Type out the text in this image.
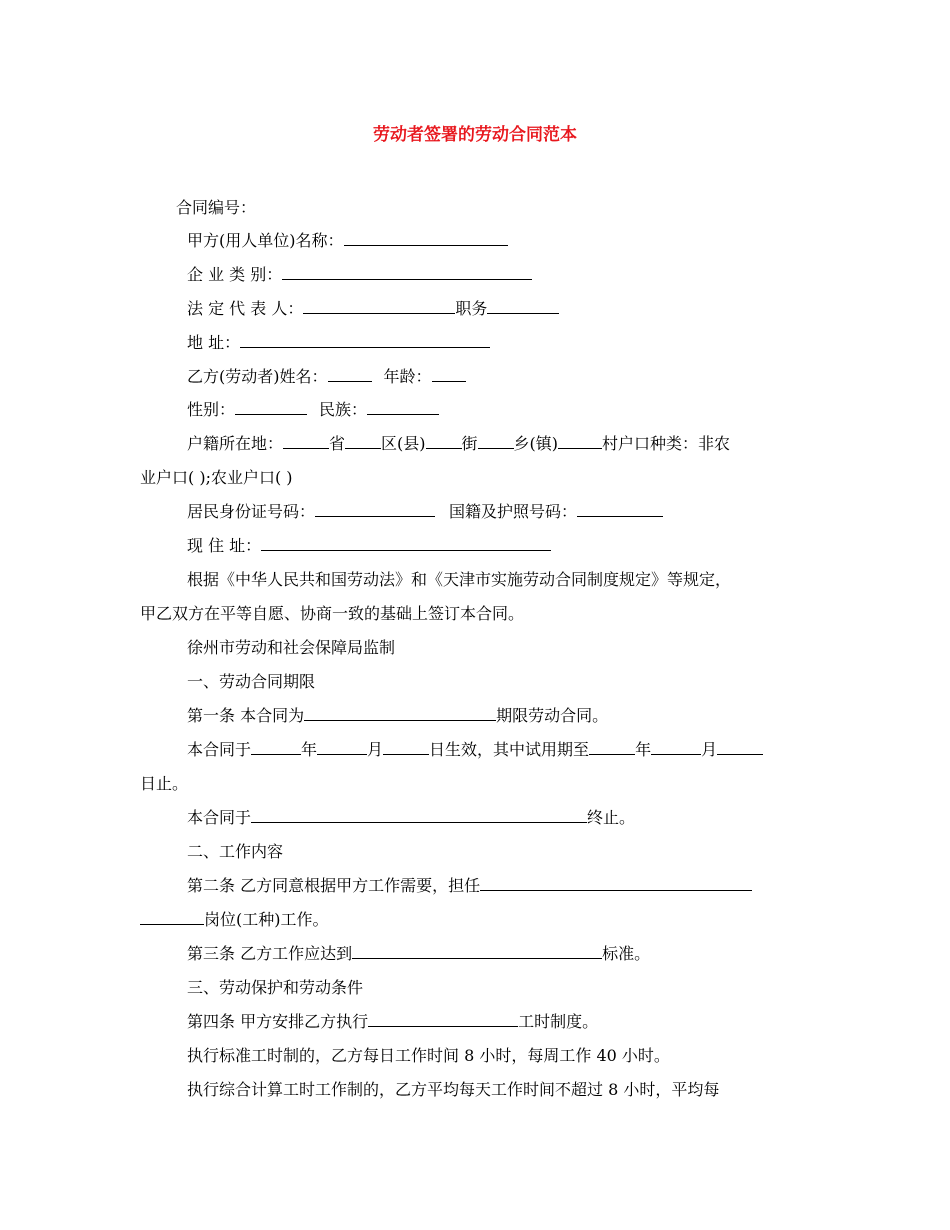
劳动者签署的劳动合同范本
合同编号：
甲方(用人单位)名称：
企 业 类 别：
法 定 代 表 人：	职务
地 址：
乙方(劳动者)姓名：	年龄：
性别：	民族：
户籍所在地：	省 区(县) 街 乡(镇)	村户口种类：非农
业户口( );农业户口( )
居民身份证号码：	国籍及护照号码：
现 住 址：
根据《中华人民共和国劳动法》和《天津市实施劳动合同制度规定》等规定，
甲乙双方在平等自愿、协商一致的基础上签订本合同。
徐州市劳动和社会保障局监制
一、劳动合同期限
第一条 本合同为	期限劳动合同。
本合同于	年	月	日生效，其中试用期至	年	月
日止。
本合同于	终止。
二、工作内容
第二条 乙方同意根据甲方工作需要，担任
岗位(工种)工作。
第三条 乙方工作应达到	标准。
三、劳动保护和劳动条件
第四条 甲方安排乙方执行	工时制度。
执行标准工时制的，乙方每日工作时间 8 小时，每周工作 40 小时。
执行综合计算工时工作制的，乙方平均每天工作时间不超过 8 小时，平均每
